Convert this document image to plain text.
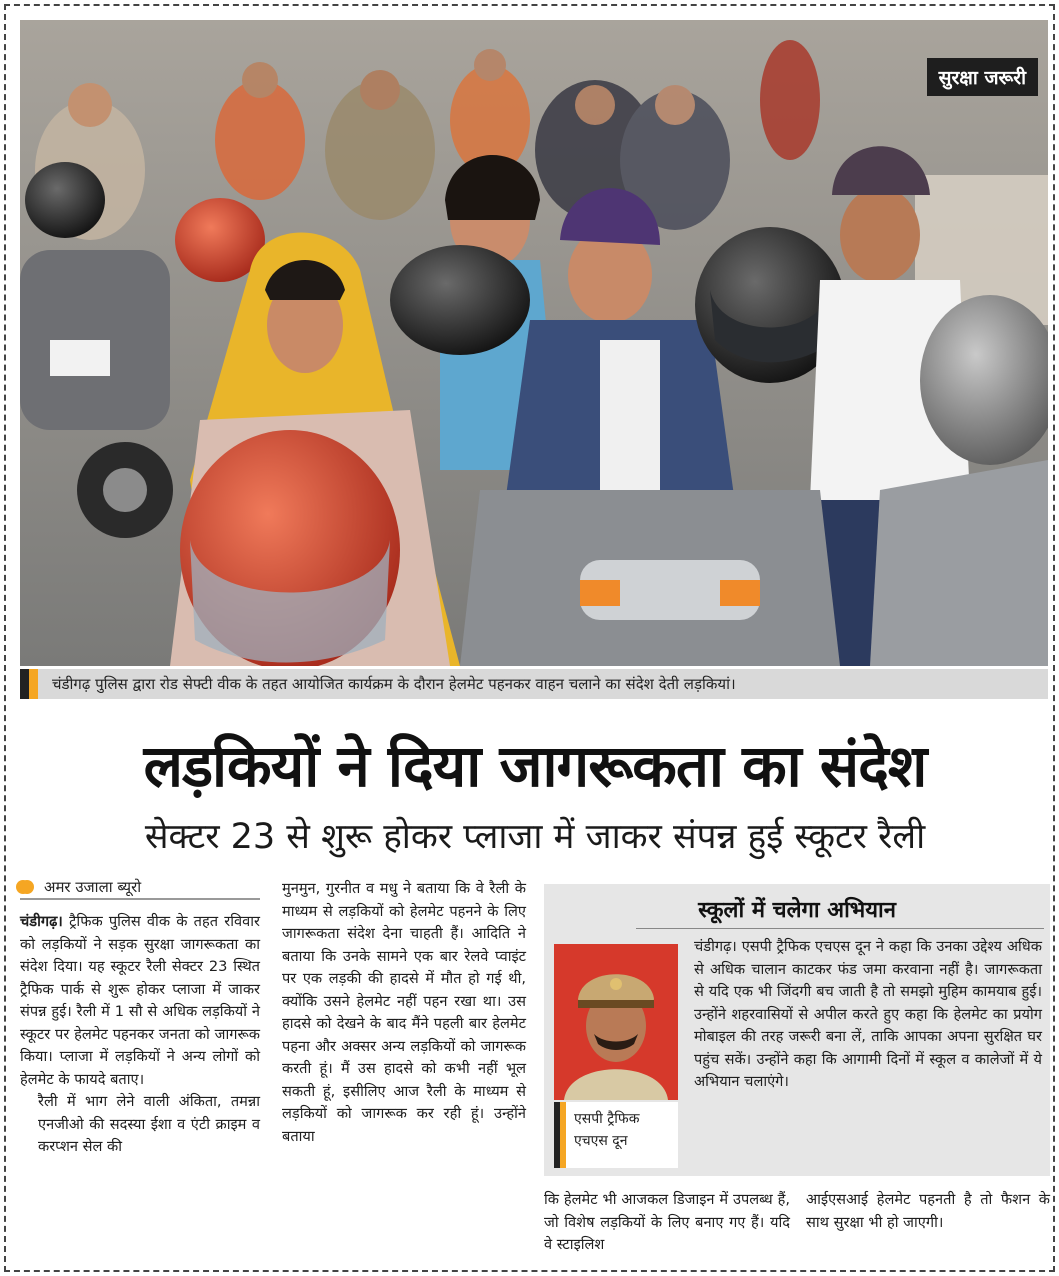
सुरक्षा जरूरी
चंडीगढ़ पुलिस द्वारा रोड सेफ्टी वीक के तहत आयोजित कार्यक्रम के दौरान हेलमेट पहनकर वाहन चलाने का संदेश देती लड़कियां।
लड़कियों ने दिया जागरूकता का संदेश
सेक्टर 23 से शुरू होकर प्लाजा में जाकर संपन्न हुई स्कूटर रैली
अमर उजाला ब्यूरो

चंडीगढ़। ट्रैफिक पुलिस वीक के तहत रविवार को लड़कियों ने सड़क सुरक्षा जागरूकता का संदेश दिया। यह स्कूटर रैली सेक्टर 23 स्थित ट्रैफिक पार्क से शुरू होकर प्लाजा में जाकर संपन्न हुई। रैली में 1 सौ से अधिक लड़कियों ने स्कूटर पर हेलमेट पहनकर जनता को जागरूक किया। प्लाजा में लड़कियों ने अन्य लोगों को हेलमेट के फायदे बताए।

रैली में भाग लेने वाली अंकिता, तमन्ना एनजीओ की सदस्या ईशा व एंटी क्राइम व करप्शन सेल की

मुनमुन, गुरनीत व मधु ने बताया कि वे रैली के माध्यम से लड़कियों को हेलमेट पहनने के लिए जागरूकता संदेश देना चाहती हैं। आदिति ने बताया कि उनके सामने एक बार रेलवे प्वाइंट पर एक लड़की की हादसे में मौत हो गई थी, क्योंकि उसने हेलमेट नहीं पहन रखा था। उस हादसे को देखने के बाद मैंने पहली बार हेलमेट पहना और अक्सर अन्य लड़कियों को जागरूक करती हूं। मैं उस हादसे को कभी नहीं भूल सकती हूं, इसीलिए आज रैली के माध्यम से लड़कियों को जागरूक कर रही हूं। उन्होंने बताया

स्कूलों में चलेगा अभियान
एसपी ट्रैफिक
एचएस दून
चंडीगढ़। एसपी ट्रैफिक एचएस दून ने कहा कि उनका उद्देश्य अधिक से अधिक चालान काटकर फंड जमा करवाना नहीं है। जागरूकता से यदि एक भी जिंदगी बच जाती है तो समझो मुहिम कामयाब हुई। उन्होंने शहरवासियों से अपील करते हुए कहा कि हेलमेट का प्रयोग मोबाइल की तरह जरूरी बना लें, ताकि आपका अपना सुरक्षित घर पहुंच सकें। उन्होंने कहा कि आगामी दिनों में स्कूल व कालेजों में ये अभियान चलाएंगे।

कि हेलमेट भी आजकल डिजाइन में उपलब्ध हैं, जो विशेष लड़कियों के लिए बनाए गए हैं। यदि वे स्टाइलिश

आईएसआई हेलमेट पहनती है तो फैशन के साथ सुरक्षा भी हो जाएगी।
